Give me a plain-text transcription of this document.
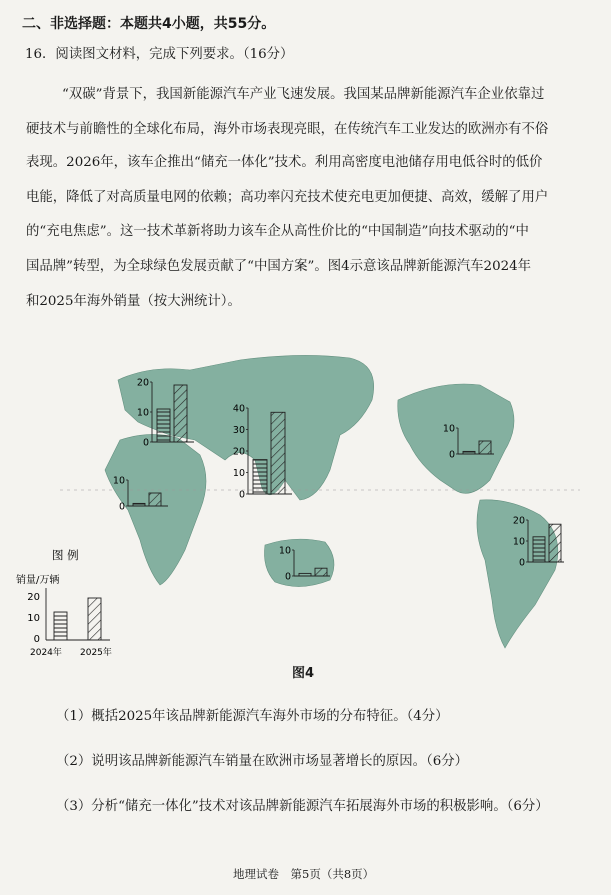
二、非选择题：本题共4小题，共55分。
16．阅读图文材料，完成下列要求。（16分）
“双碳”背景下，我国新能源汽车产业飞速发展。我国某品牌新能源汽车企业依靠过
硬技术与前瞻性的全球化布局，海外市场表现亮眼，在传统汽车工业发达的欧洲亦有不俗
表现。2026年，该车企推出“储充一体化”技术。利用高密度电池储存用电低谷时的低价
电能，降低了对高质量电网的依赖；高功率闪充技术使充电更加便捷、高效，缓解了用户
的“充电焦虑”。这一技术革新将助力该车企从高性价比的“中国制造”向技术驱动的“中
国品牌”转型，为全球绿色发展贡献了“中国方案”。图4示意该品牌新能源汽车2024年
和2025年海外销量（按大洲统计）。
0
10
20
0
10
20
30
40
0
10
0
10
0
10
0
10
20
图 例
销量/万辆
20
10
0
2024年 2025年
图4
（1）概括2025年该品牌新能源汽车海外市场的分布特征。（4分）
（2）说明该品牌新能源汽车销量在欧洲市场显著增长的原因。（6分）
（3）分析“储充一体化”技术对该品牌新能源汽车拓展海外市场的积极影响。（6分）
地理试卷　第5页（共8页）
